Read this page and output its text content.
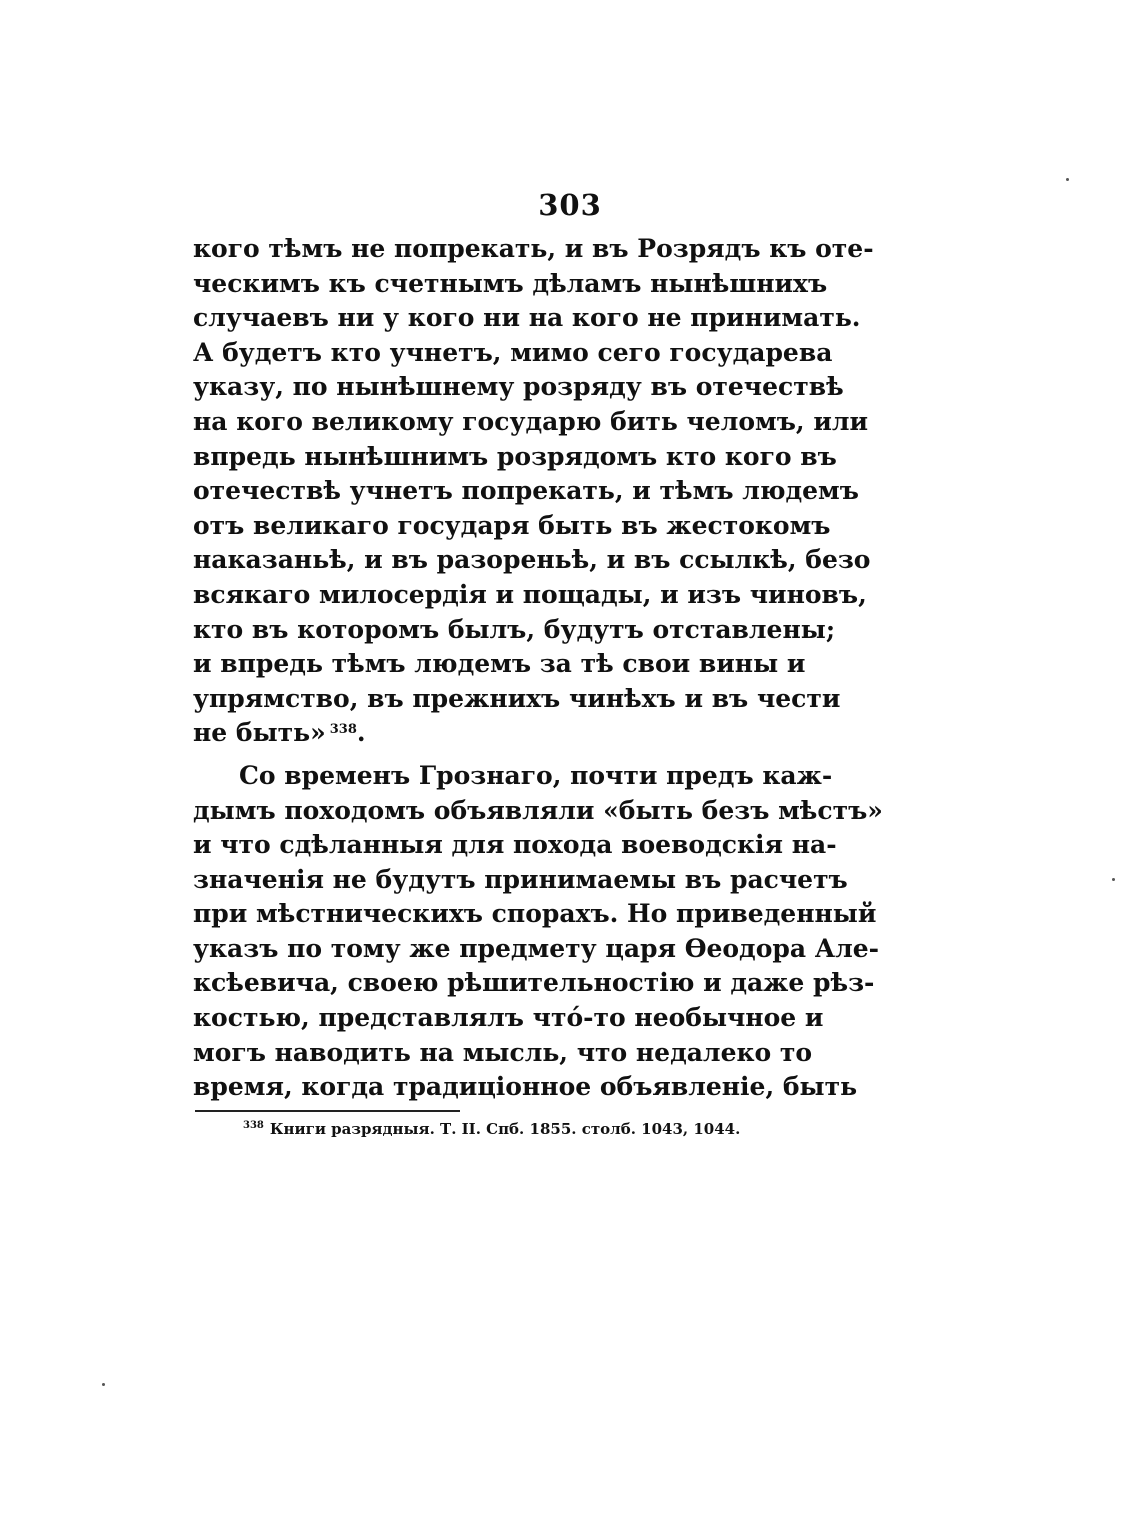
303
кого тѣмъ не попрекать, и въ Розрядъ къ оте-
ческимъ къ счетнымъ дѣламъ нынѣшнихъ
случаевъ ни у кого ни на кого не принимать.
А будетъ кто учнетъ, мимо сего государева
указу, по нынѣшнему розряду въ отечествѣ
на кого великому государю бить челомъ, или
впредь нынѣшнимъ розрядомъ кто кого въ
отечествѣ учнетъ попрекать, и тѣмъ людемъ
отъ великаго государя быть въ жестокомъ
наказаньѣ, и въ разореньѣ, и въ ссылкѣ, безо
всякаго милосердія и пощады, и изъ чиновъ,
кто въ которомъ былъ, будутъ отставлены;
и впредь тѣмъ людемъ за тѣ свои вины и
упрямство, въ прежнихъ чинѣхъ и въ чести
не быть» $^{338}$.
Со временъ Грознаго, почти предъ каж-
дымъ походомъ объявляли «быть безъ мѣстъ»
и что сдѣланныя для похода воеводскія на-
значенія не будутъ принимаемы въ расчетъ
при мѣстническихъ спорахъ. Но приведенный
указъ по тому же предмету царя Ѳеодора Але-
ксѣевича, своею рѣшительностію и даже рѣз-
костью, представлялъ чтó-то необычное и
могъ наводить на мысль, что недалеко то
время, когда традиціонное объявленіе, быть
$^{338}$ Книги разрядныя. Т. II. Спб. 1855. столб. 1043, 1044.
